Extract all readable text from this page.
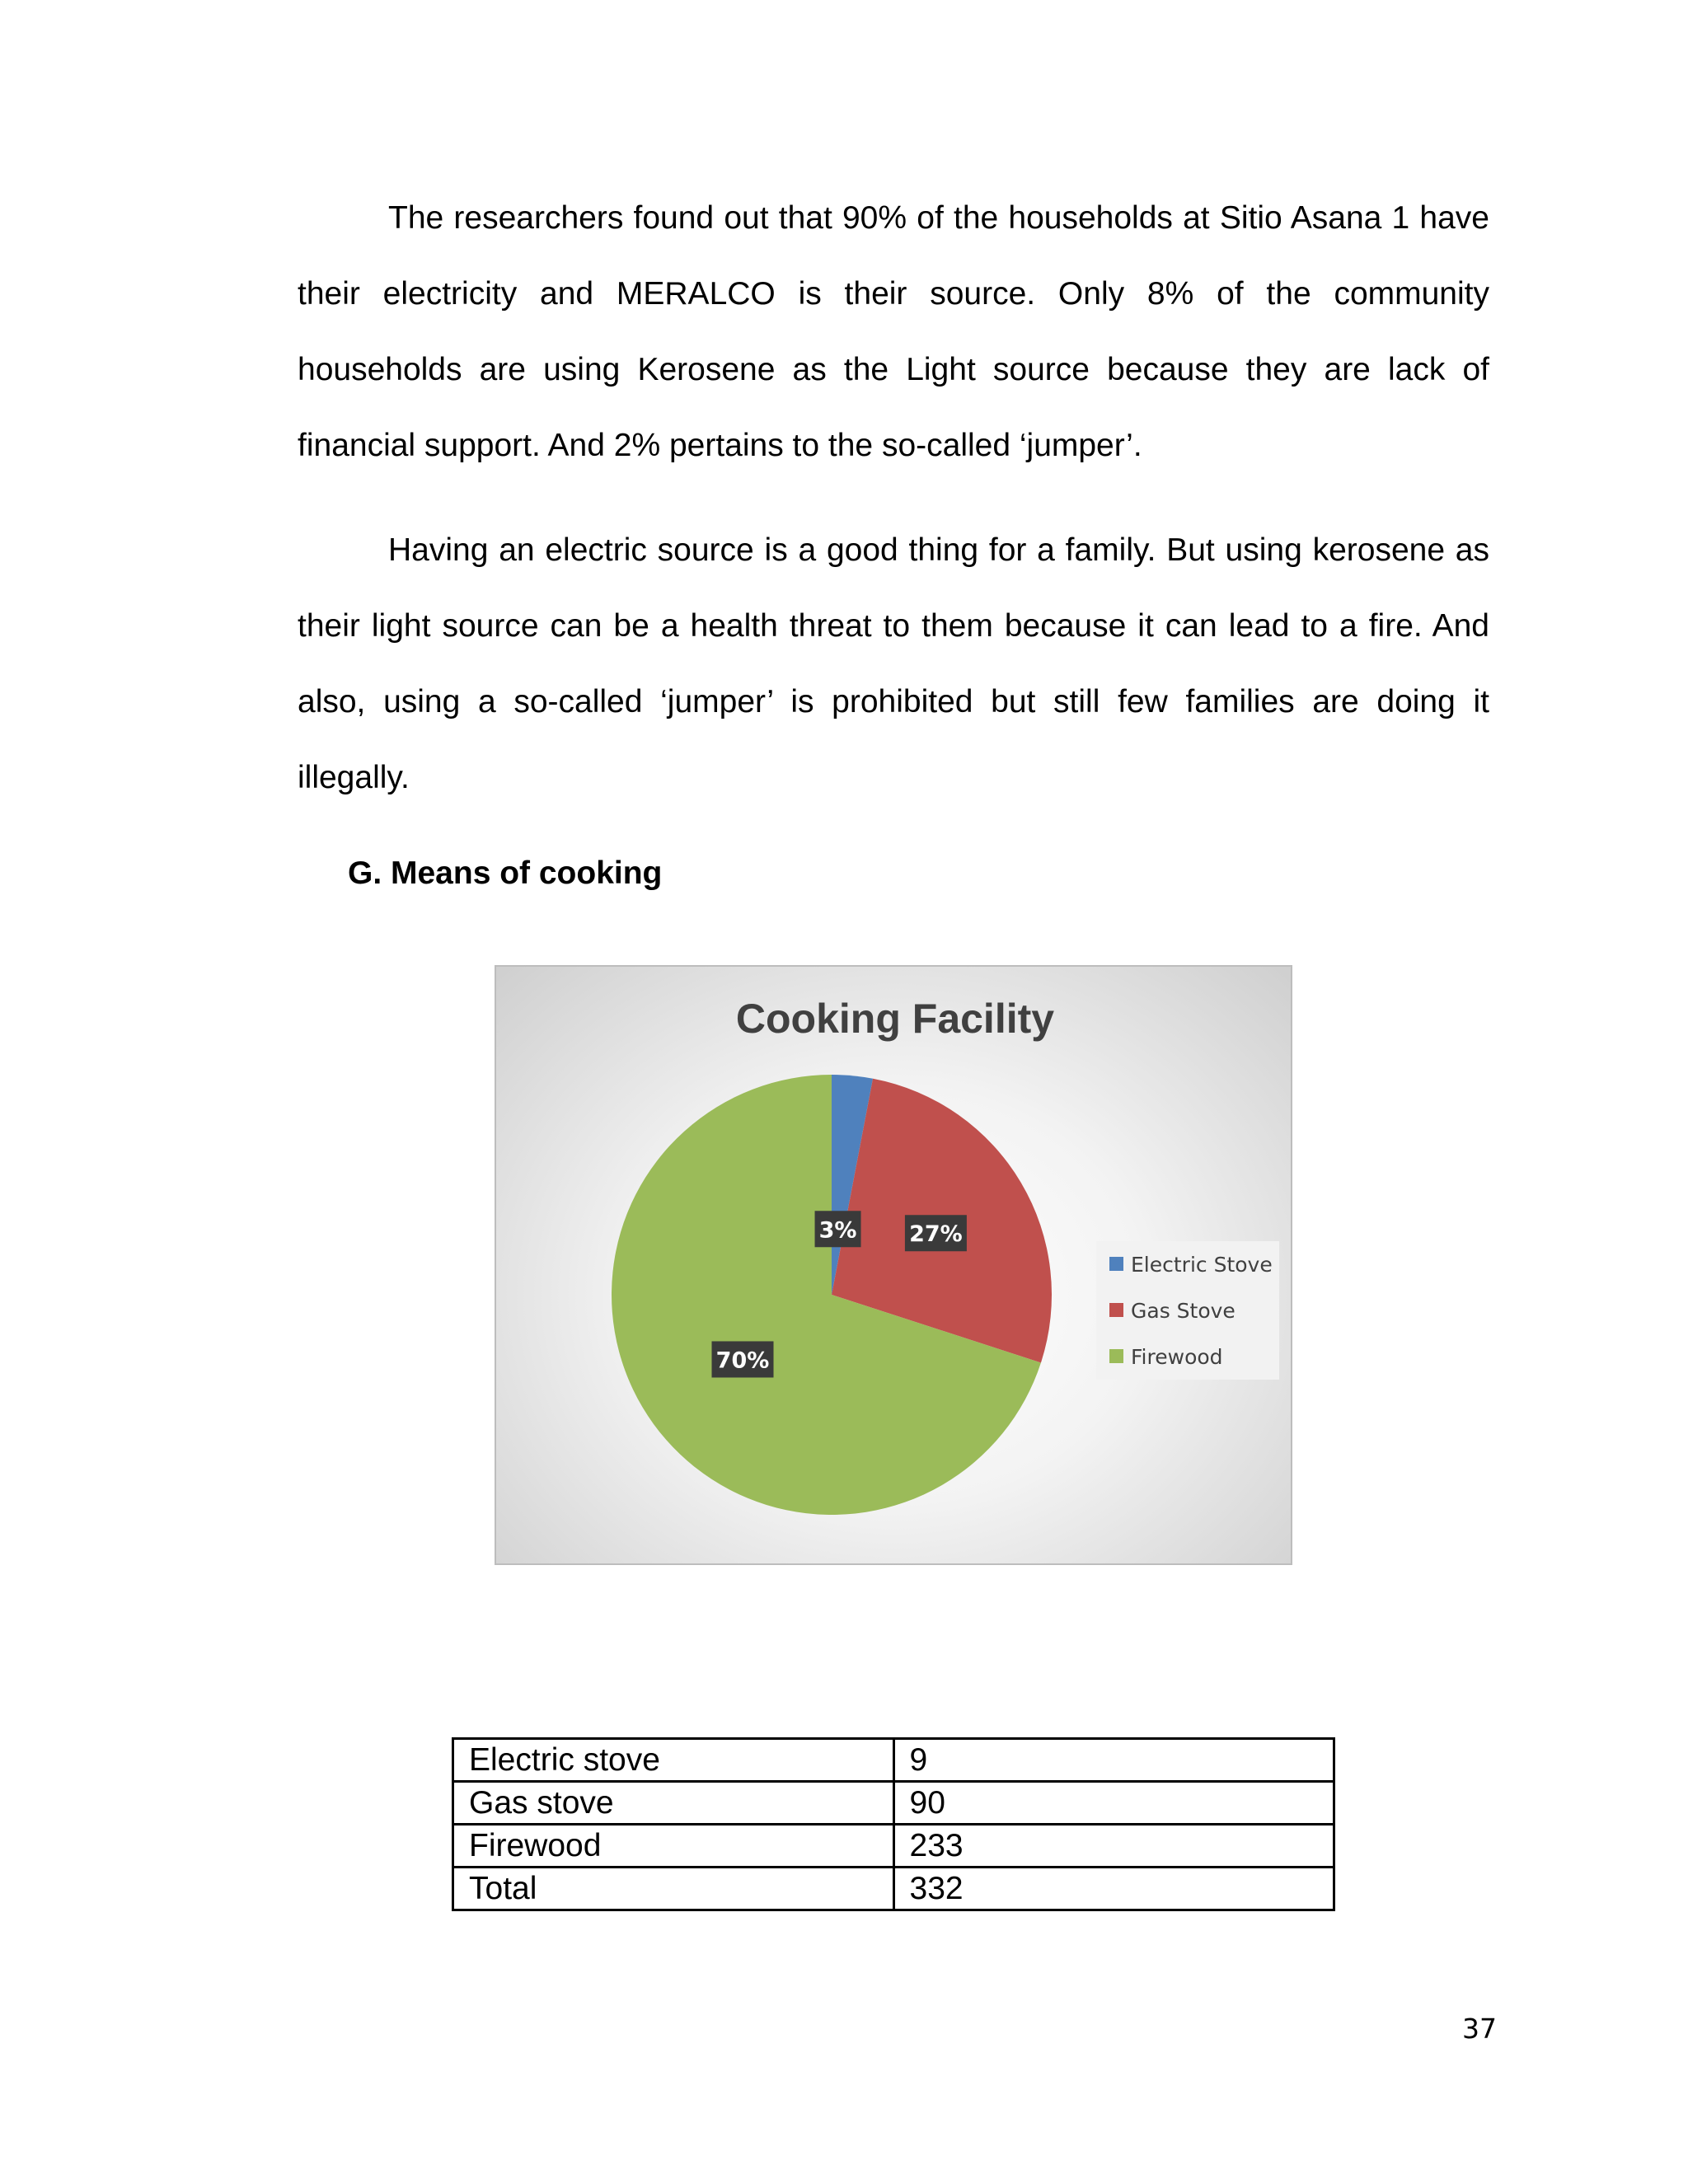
The researchers found out that 90% of the households at Sitio Asana 1 have their electricity and MERALCO is their source. Only 8% of the community households are using Kerosene as the Light source because they are lack of financial support. And 2% pertains to the so-called ‘jumper’.

Having an electric source is a good thing for a family. But using kerosene as their light source can be a health threat to them because it can lead to a fire. And also, using a so-called ‘jumper’ is prohibited but still few families are doing it illegally.

G. Means of cooking
Cooking Facility
3% 27%
70%
Electric Stove
Gas Stove
Firewood
Electric stove	9
Gas stove	90
Firewood	233
Total	332
37
